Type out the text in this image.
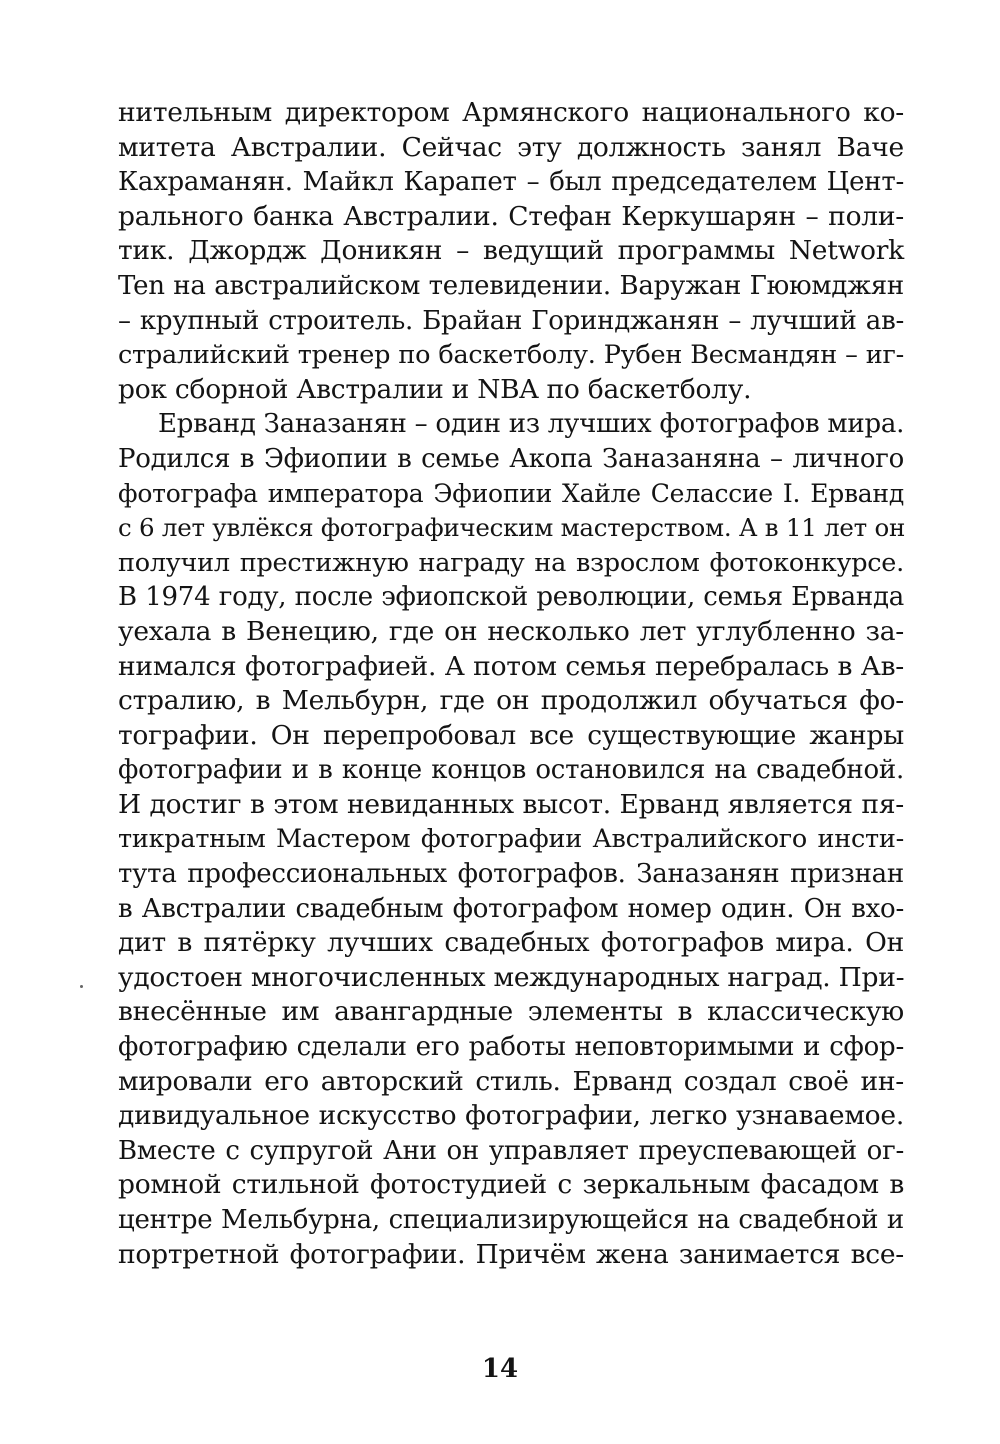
нительным директором Армянского национального ко-
митета Австралии. Сейчас эту должность занял Ваче
Кахраманян. Майкл Карапет – был председателем Цент-
рального банка Австралии. Стефан Керкушарян – поли-
тик. Джордж Доникян – ведущий программы Network
Ten на австралийском телевидении. Варужан Гююмджян
– крупный строитель. Брайан Горинджанян – лучший ав-
стралийский тренер по баскетболу. Рубен Весмандян – иг-
рок сборной Австралии и NBA по баскетболу.
Ерванд Заназанян – один из лучших фотографов мира.
Родился в Эфиопии в семье Акопа Заназаняна – личного
фотографа императора Эфиопии Хайле Селассие I. Ерванд
с 6 лет увлёкся фотографическим мастерством. А в 11 лет он
получил престижную награду на взрослом фотоконкурсе.
В 1974 году, после эфиопской революции, семья Ерванда
уехала в Венецию, где он несколько лет углубленно за-
нимался фотографией. А потом семья перебралась в Ав-
стралию, в Мельбурн, где он продолжил обучаться фо-
тографии. Он перепробовал все существующие жанры
фотографии и в конце концов остановился на свадебной.
И достиг в этом невиданных высот. Ерванд является пя-
тикратным Мастером фотографии Австралийского инсти-
тута профессиональных фотографов. Заназанян признан
в Австралии свадебным фотографом номер один. Он вхо-
дит в пятёрку лучших свадебных фотографов мира. Он
удостоен многочисленных международных наград. При-
внесённые им авангардные элементы в классическую
фотографию сделали его работы неповторимыми и сфор-
мировали его авторский стиль. Ерванд создал своё ин-
дивидуальное искусство фотографии, легко узнаваемое.
Вместе с супругой Ани он управляет преуспевающей ог-
ромной стильной фотостудией с зеркальным фасадом в
центре Мельбурна, специализирующейся на свадебной и
портретной фотографии. Причём жена занимается все-
14
